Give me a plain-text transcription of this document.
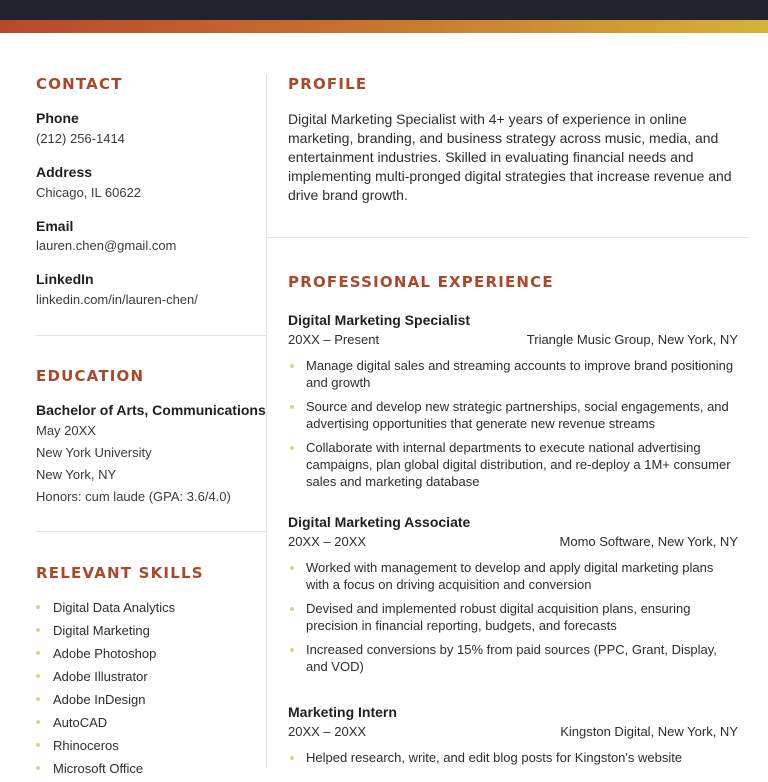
CONTACT
Phone
(212) 256-1414
Address
Chicago, IL 60622
Email
lauren.chen@gmail.com
LinkedIn
linkedin.com/in/lauren-chen/
EDUCATION
Bachelor of Arts, Communications
May 20XX
New York University
New York, NY
Honors: cum laude (GPA: 3.6/4.0)
RELEVANT SKILLS
Digital Data Analytics
Digital Marketing
Adobe Photoshop
Adobe Illustrator
Adobe InDesign
AutoCAD
Rhinoceros
Microsoft Office
PROFILE

Digital Marketing Specialist with 4+ years of experience in online marketing, branding, and business strategy across music, media, and entertainment industries. Skilled in evaluating financial needs and implementing multi-pronged digital strategies that increase revenue and drive brand growth.

PROFESSIONAL EXPERIENCE
Digital Marketing Specialist
20XX – Present	Triangle Music Group, New York, NY
Manage digital sales and streaming accounts to improve brand positioning and growth
Source and develop new strategic partnerships, social engagements, and advertising opportunities that generate new revenue streams
Collaborate with internal departments to execute national advertising campaigns, plan global digital distribution, and re-deploy a 1M+ consumer sales and marketing database
Digital Marketing Associate
20XX – 20XX	Momo Software, New York, NY
Worked with management to develop and apply digital marketing plans with a focus on driving acquisition and conversion
Devised and implemented robust digital acquisition plans, ensuring precision in financial reporting, budgets, and forecasts
Increased conversions by 15% from paid sources (PPC, Grant, Display, and VOD)
Marketing Intern
20XX – 20XX	Kingston Digital, New York, NY
Helped research, write, and edit blog posts for Kingston's website
